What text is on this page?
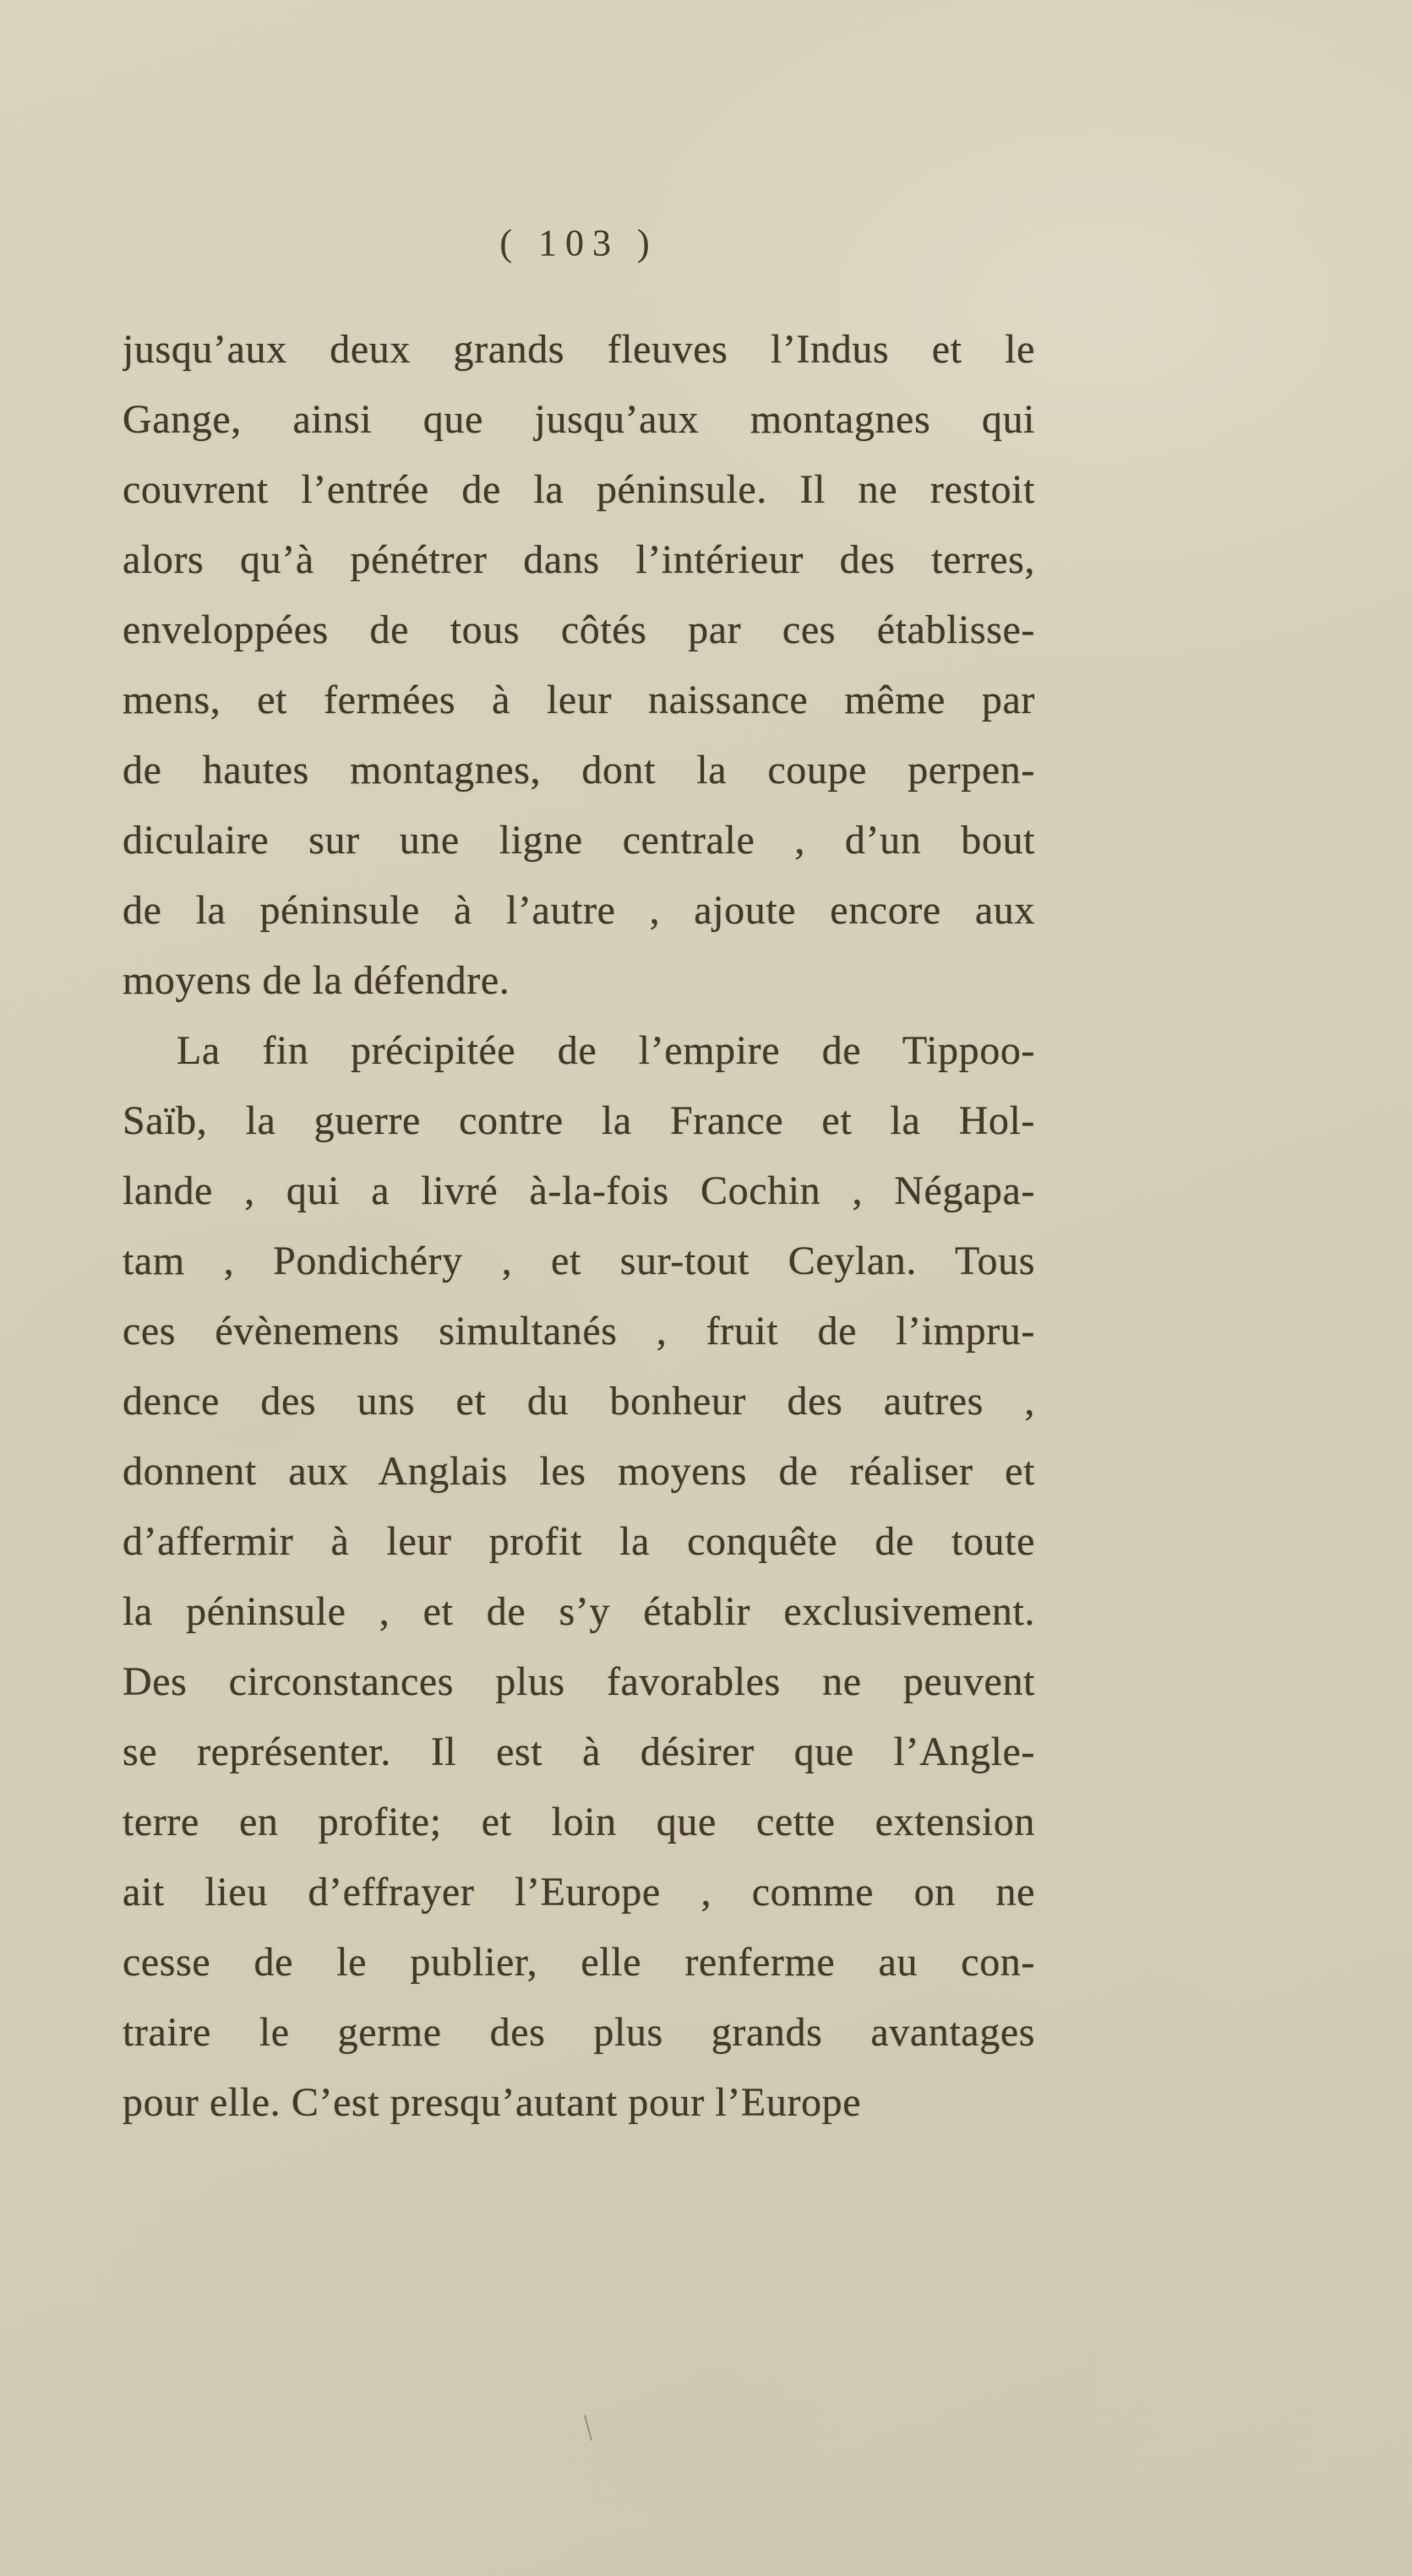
( 103 )
jusqu’aux deux grands fleuves l’Indus et le
Gange, ainsi que jusqu’aux montagnes qui
couvrent l’entrée de la péninsule. Il ne restoit
alors qu’à pénétrer dans l’intérieur des terres,
enveloppées de tous côtés par ces établisse-
mens, et fermées à leur naissance même par
de hautes montagnes, dont la coupe perpen-
diculaire sur une ligne centrale , d’un bout
de la péninsule à l’autre , ajoute encore aux
moyens de la défendre.
La fin précipitée de l’empire de Tippoo-
Saïb, la guerre contre la France et la Hol-
lande , qui a livré à-la-fois Cochin , Négapa-
tam , Pondichéry , et sur-tout Ceylan. Tous
ces évènemens simultanés , fruit de l’impru-
dence des uns et du bonheur des autres ,
donnent aux Anglais les moyens de réaliser et
d’affermir à leur profit la conquête de toute
la péninsule , et de s’y établir exclusivement.
Des circonstances plus favorables ne peuvent
se représenter. Il est à désirer que l’Angle-
terre en profite; et loin que cette extension
ait lieu d’effrayer l’Europe , comme on ne
cesse de le publier, elle renferme au con-
traire le germe des plus grands avantages
pour elle. C’est presqu’autant pour l’Europe
\
